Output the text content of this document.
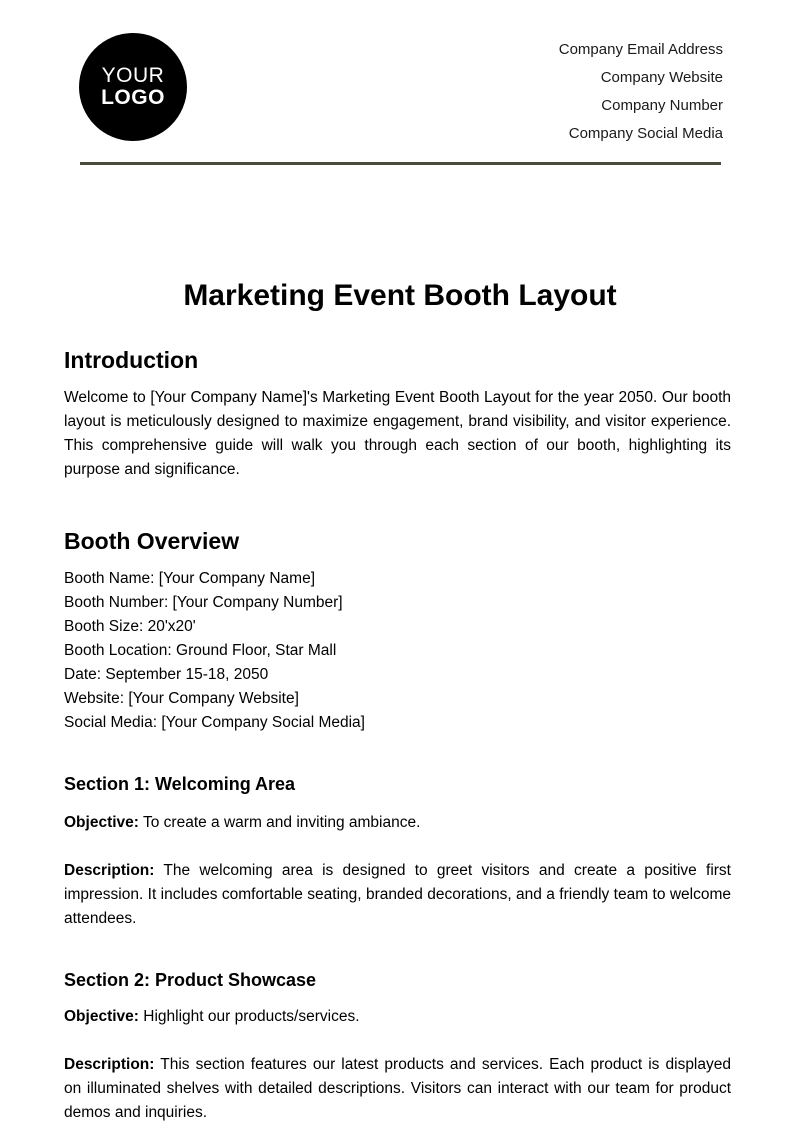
YOUR
LOGO
Company Email Address
Company Website
Company Number
Company Social Media
Marketing Event Booth Layout
Introduction

Welcome to [Your Company Name]'s Marketing Event Booth Layout for the year 2050. Our booth layout is meticulously designed to maximize engagement, brand visibility, and visitor experience. This comprehensive guide will walk you through each section of our booth, highlighting its purpose and significance.

Booth Overview
Booth Name: [Your Company Name]
Booth Number: [Your Company Number]
Booth Size: 20'x20'
Booth Location: Ground Floor, Star Mall
Date: September 15-18, 2050
Website: [Your Company Website]
Social Media: [Your Company Social Media]
Section 1: Welcoming Area

Objective: To create a warm and inviting ambiance.

Description: The welcoming area is designed to greet visitors and create a positive first impression. It includes comfortable seating, branded decorations, and a friendly team to welcome attendees.

Section 2: Product Showcase

Objective: Highlight our products/services.

Description: This section features our latest products and services. Each product is displayed on illuminated shelves with detailed descriptions. Visitors can interact with our team for product demos and inquiries.
